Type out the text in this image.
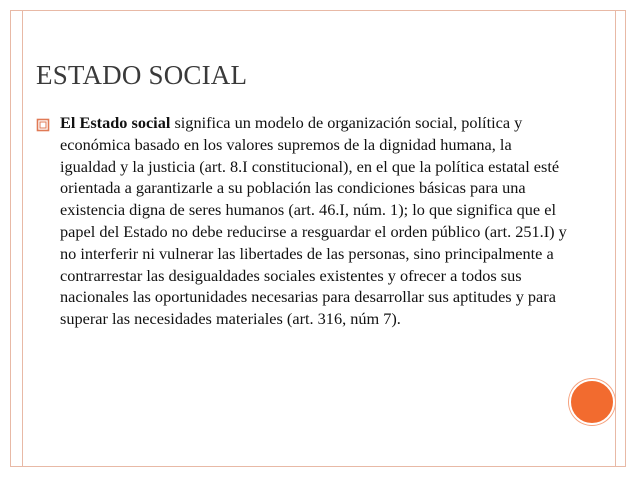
ESTADO SOCIAL

El Estado social significa un modelo de organización social, política y económica basado en los valores supremos de la dignidad humana, la igualdad y la justicia (art. 8.I constitucional), en el que la política estatal esté orientada a garantizarle a su población las condiciones básicas para una existencia digna de seres humanos (art. 46.I, núm. 1); lo que significa que el papel del Estado no debe reducirse a resguardar el orden público (art. 251.I) y no interferir ni vulnerar las libertades de las personas, sino principalmente a contrarrestar las desigualdades sociales existentes y ofrecer a todos sus nacionales las oportunidades necesarias para desarrollar sus aptitudes y para superar las necesidades materiales (art. 316, núm 7).
